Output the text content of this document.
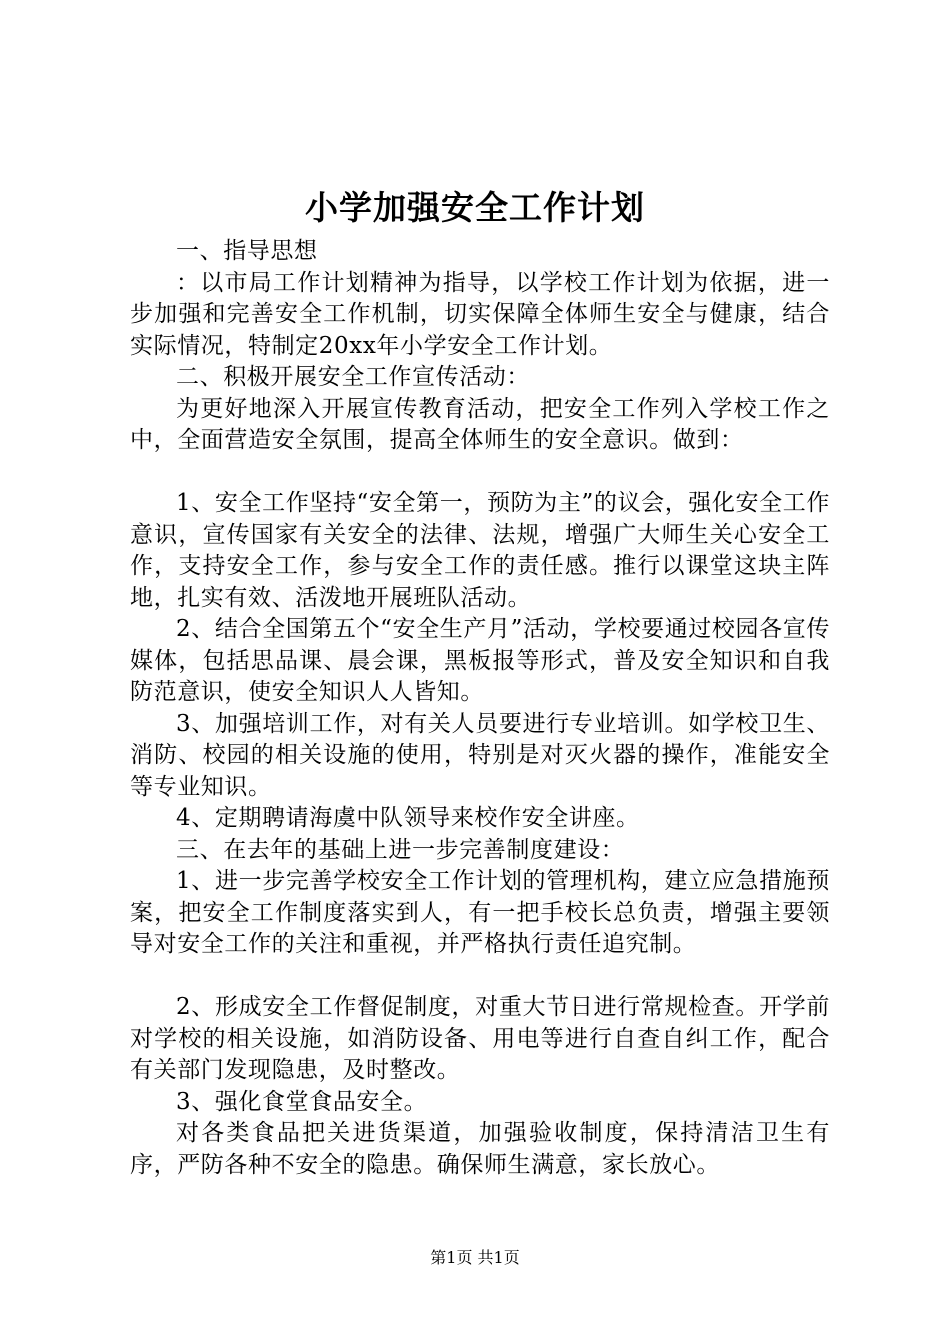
小学加强安全工作计划

一、指导思想

：以市局工作计划精神为指导，以学校工作计划为依据，进一步加强和完善安全工作机制，切实保障全体师生安全与健康，结合实际情况，特制定20xx年小学安全工作计划。

二、积极开展安全工作宣传活动：

为更好地深入开展宣传教育活动，把安全工作列入学校工作之中，全面营造安全氛围，提高全体师生的安全意识。做到：

1、安全工作坚持“安全第一，预防为主”的议会，强化安全工作意识，宣传国家有关安全的法律、法规，增强广大师生关心安全工作，支持安全工作，参与安全工作的责任感。推行以课堂这块主阵地，扎实有效、活泼地开展班队活动。

2、结合全国第五个“安全生产月”活动，学校要通过校园各宣传媒体，包括思品课、晨会课，黑板报等形式，普及安全知识和自我防范意识，使安全知识人人皆知。

3、加强培训工作，对有关人员要进行专业培训。如学校卫生、消防、校园的相关设施的使用，特别是对灭火器的操作，准能安全等专业知识。

4、定期聘请海虞中队领导来校作安全讲座。

三、在去年的基础上进一步完善制度建设：

1、进一步完善学校安全工作计划的管理机构，建立应急措施预案，把安全工作制度落实到人，有一把手校长总负责，增强主要领导对安全工作的关注和重视，并严格执行责任追究制。

2、形成安全工作督促制度，对重大节日进行常规检查。开学前对学校的相关设施，如消防设备、用电等进行自查自纠工作，配合有关部门发现隐患，及时整改。

3、强化食堂食品安全。

对各类食品把关进货渠道，加强验收制度，保持清洁卫生有序，严防各种不安全的隐患。确保师生满意，家长放心。

第1页 共1页
